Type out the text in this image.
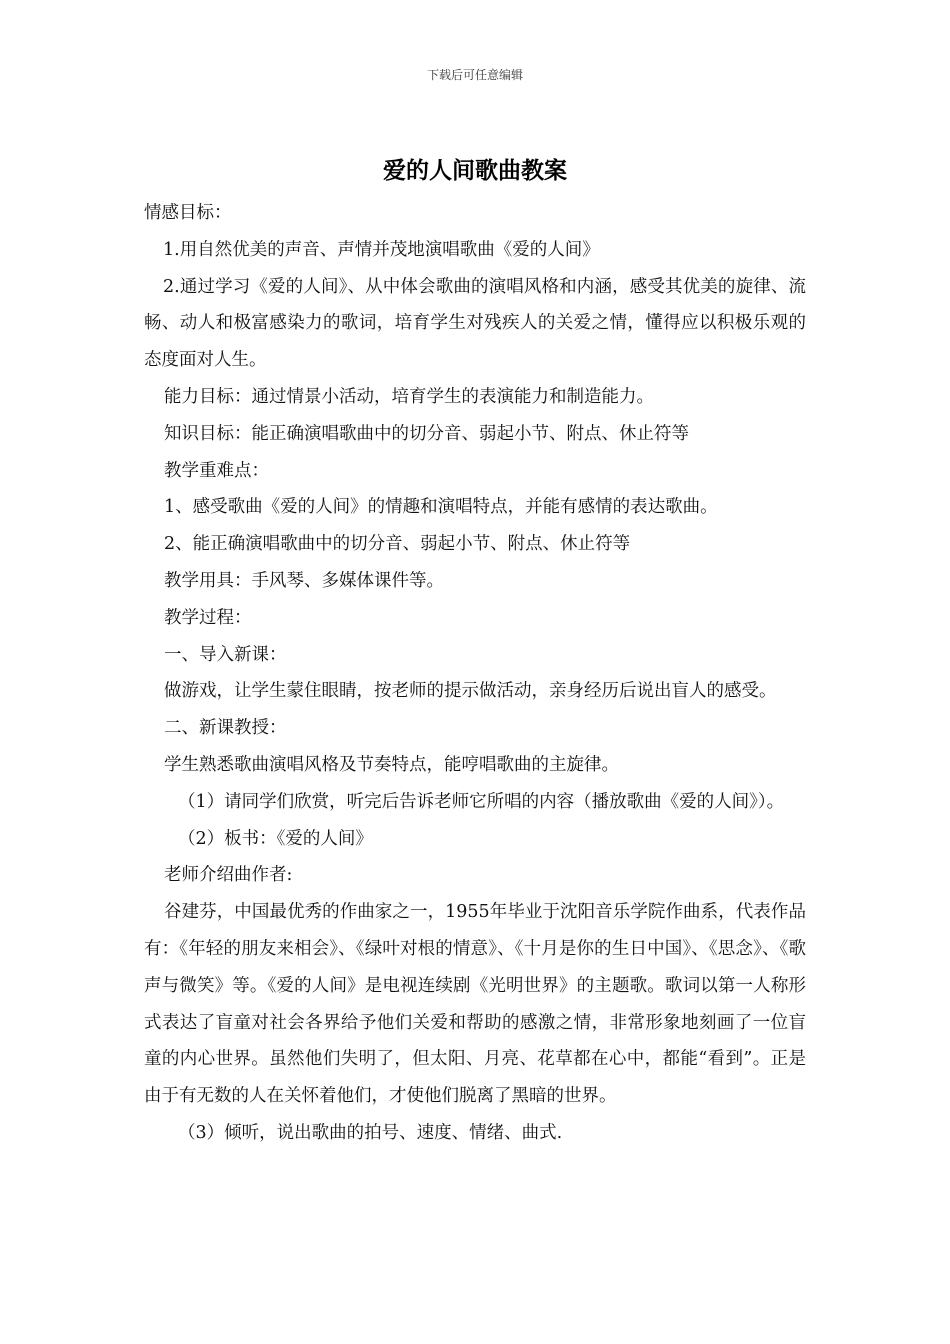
下载后可任意编辑
爱的人间歌曲教案

情感目标：

1.用自然优美的声音、声情并茂地演唱歌曲《爱的人间》

2.通过学习《爱的人间》、从中体会歌曲的演唱风格和内涵，感受其优美的旋律、流畅、动人和极富感染力的歌词，培育学生对残疾人的关爱之情，懂得应以积极乐观的态度面对人生。

能力目标：通过情景小活动，培育学生的表演能力和制造能力。

知识目标：能正确演唱歌曲中的切分音、弱起小节、附点、休止符等

教学重难点：

1、感受歌曲《爱的人间》的情趣和演唱特点，并能有感情的表达歌曲。

2、能正确演唱歌曲中的切分音、弱起小节、附点、休止符等

教学用具：手风琴、多媒体课件等。

教学过程：

一、导入新课：

做游戏，让学生蒙住眼睛，按老师的提示做活动，亲身经历后说出盲人的感受。

二、新课教授：

学生熟悉歌曲演唱风格及节奏特点，能哼唱歌曲的主旋律。

（1）请同学们欣赏，听完后告诉老师它所唱的内容（播放歌曲《爱的人间》）。

（2）板书：《爱的人间》

老师介绍曲作者:

谷建芬，中国最优秀的作曲家之一，1955年毕业于沈阳音乐学院作曲系，代表作品有：《年轻的朋友来相会》、《绿叶对根的情意》、《十月是你的生日中国》、《思念》、《歌声与微笑》等。《爱的人间》是电视连续剧《光明世界》的主题歌。歌词以第一人称形式表达了盲童对社会各界给予他们关爱和帮助的感激之情，非常形象地刻画了一位盲童的内心世界。虽然他们失明了，但太阳、月亮、花草都在心中，都能“看到”。正是由于有无数的人在关怀着他们，才使他们脱离了黑暗的世界。

（3）倾听，说出歌曲的拍号、速度、情绪、曲式.
